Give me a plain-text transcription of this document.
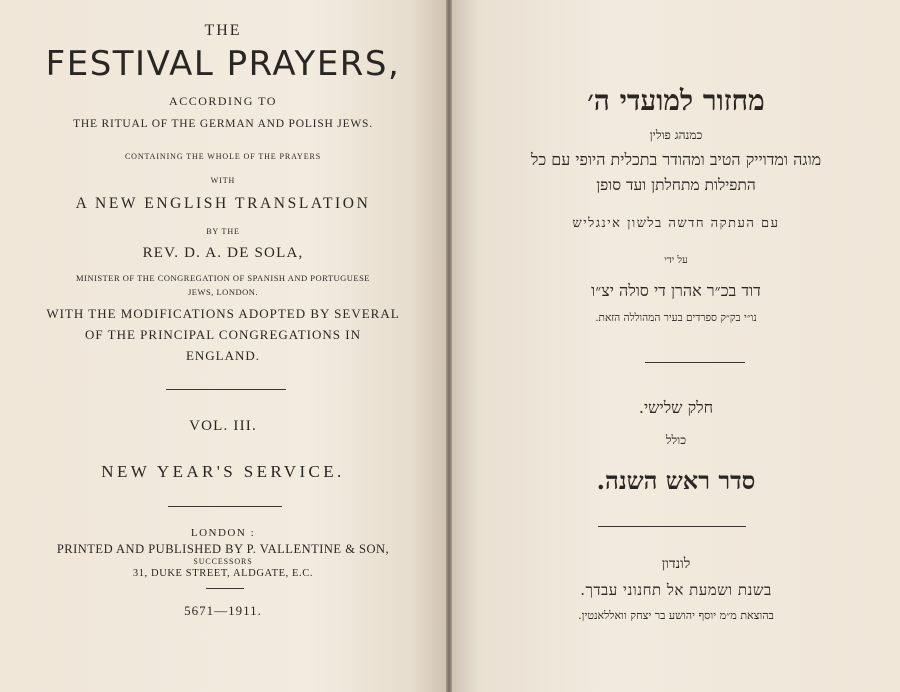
THE
FESTIVAL PRAYERS,
ACCORDING TO
THE RITUAL OF THE GERMAN AND POLISH JEWS.
CONTAINING THE WHOLE OF THE PRAYERS
WITH
A NEW ENGLISH TRANSLATION
BY THE
REV. D. A. DE SOLA,
MINISTER OF THE CONGREGATION OF SPANISH AND PORTUGUESE
JEWS, LONDON.
WITH THE MODIFICATIONS ADOPTED BY SEVERAL
OF THE PRINCIPAL CONGREGATIONS IN
ENGLAND.
VOL. III.
NEW YEAR'S SERVICE.
LONDON :
PRINTED AND PUBLISHED BY P. VALLENTINE & SON,
SUCCESSORS
31, DUKE STREET, ALDGATE, E.C.
5671—1911.
מחזור למועדי ה׳
כמנהג פולין
מוגה ומדוייק הטיב ומהודר בתכלית היופי עם כל
התפילות מתחלתן ועד סופן
עם העתקה חדשה בלשון אינגליש
על ידי
דוד בכ״ר אהרן די סולה יצ״ו
נו״י בק״ק ספרדים בעיר המהוללה הזאת.
חלק שלישי.
כולל
סדר ראש השנה.
לונדון
בשנת ושמעת אל תחנוני עבדך.
בהוצאת מ״מ יוסף יהושע בר יצחק וואללאנטין.
